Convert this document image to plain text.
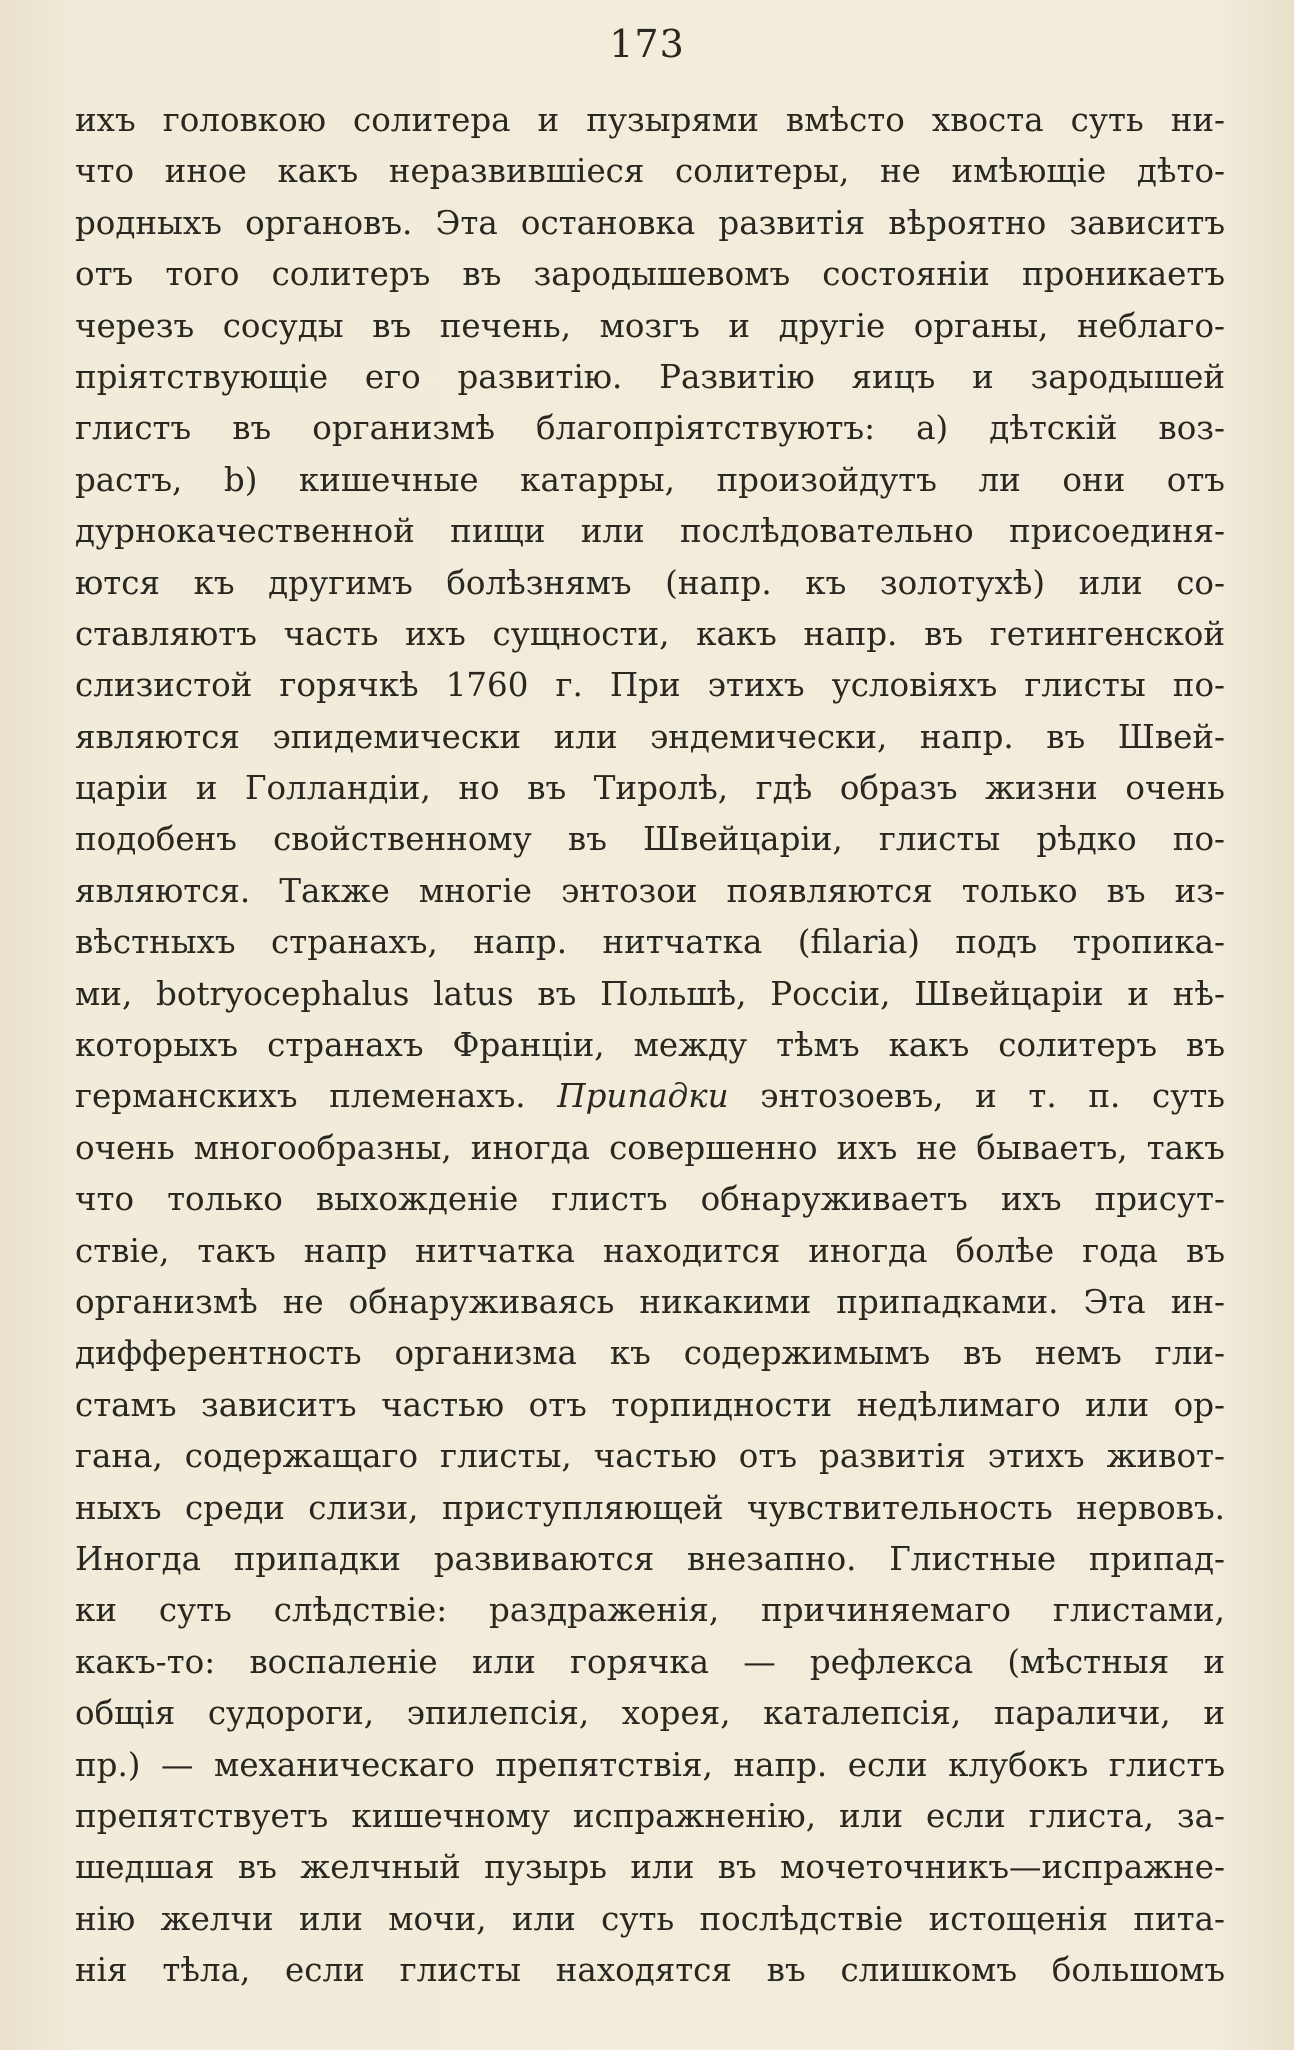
173
ихъ головкою солитера и пузырями вмѣсто хвоста суть ни-
что иное какъ неразвившіеся солитеры, не имѣющіе дѣто-
родныхъ органовъ. Эта остановка развитія вѣроятно зависитъ
отъ того солитеръ въ зародышевомъ состояніи проникаетъ
черезъ сосуды въ печень, мозгъ и другіе органы, неблаго-
пріятствующіе его развитію. Развитію яицъ и зародышей
глистъ въ организмѣ благопріятствуютъ: а) дѣтскій воз-
растъ, b) кишечные катарры, произойдутъ ли они отъ
дурнокачественной пищи или послѣдовательно присоединя-
ются къ другимъ болѣзнямъ (напр. къ золотухѣ) или со-
ставляютъ часть ихъ сущности, какъ напр. въ гетингенской
слизистой горячкѣ 1760 г. При этихъ условіяхъ глисты по-
являются эпидемически или эндемически, напр. въ Швей-
царіи и Голландіи, но въ Тиролѣ, гдѣ образъ жизни очень
подобенъ свойственному въ Швейцаріи, глисты рѣдко по-
являются. Также многіе энтозои появляются только въ из-
вѣстныхъ странахъ, напр. нитчатка (filaria) подъ тропика-
ми, botryocephalus latus въ Польшѣ, Россіи, Швейцаріи и нѣ-
которыхъ странахъ Франціи, между тѣмъ какъ солитеръ въ
германскихъ племенахъ. Припадки энтозоевъ, и т. п. суть
очень многообразны, иногда совершенно ихъ не бываетъ, такъ
что только выхожденіе глистъ обнаруживаетъ ихъ присут-
ствіе, такъ напр нитчатка находится иногда болѣе года въ
организмѣ не обнаруживаясь никакими припадками. Эта ин-
дифферентность организма къ содержимымъ въ немъ гли-
стамъ зависитъ частью отъ торпидности недѣлимаго или ор-
гана, содержащаго глисты, частью отъ развитія этихъ живот-
ныхъ среди слизи, приступляющей чувствительность нервовъ.
Иногда припадки развиваются внезапно. Глистные припад-
ки суть слѣдствіе: раздраженія, причиняемаго глистами,
какъ-то: воспаленіе или горячка — рефлекса (мѣстныя и
общія судороги, эпилепсія, хорея, каталепсія, параличи, и
пр.) — механическаго препятствія, напр. если клубокъ глистъ
препятствуетъ кишечному испражненію, или если глиста, за-
шедшая въ желчный пузырь или въ мочеточникъ—испражне-
нію желчи или мочи, или суть послѣдствіе истощенія пита-
нія тѣла, если глисты находятся въ слишкомъ большомъ
